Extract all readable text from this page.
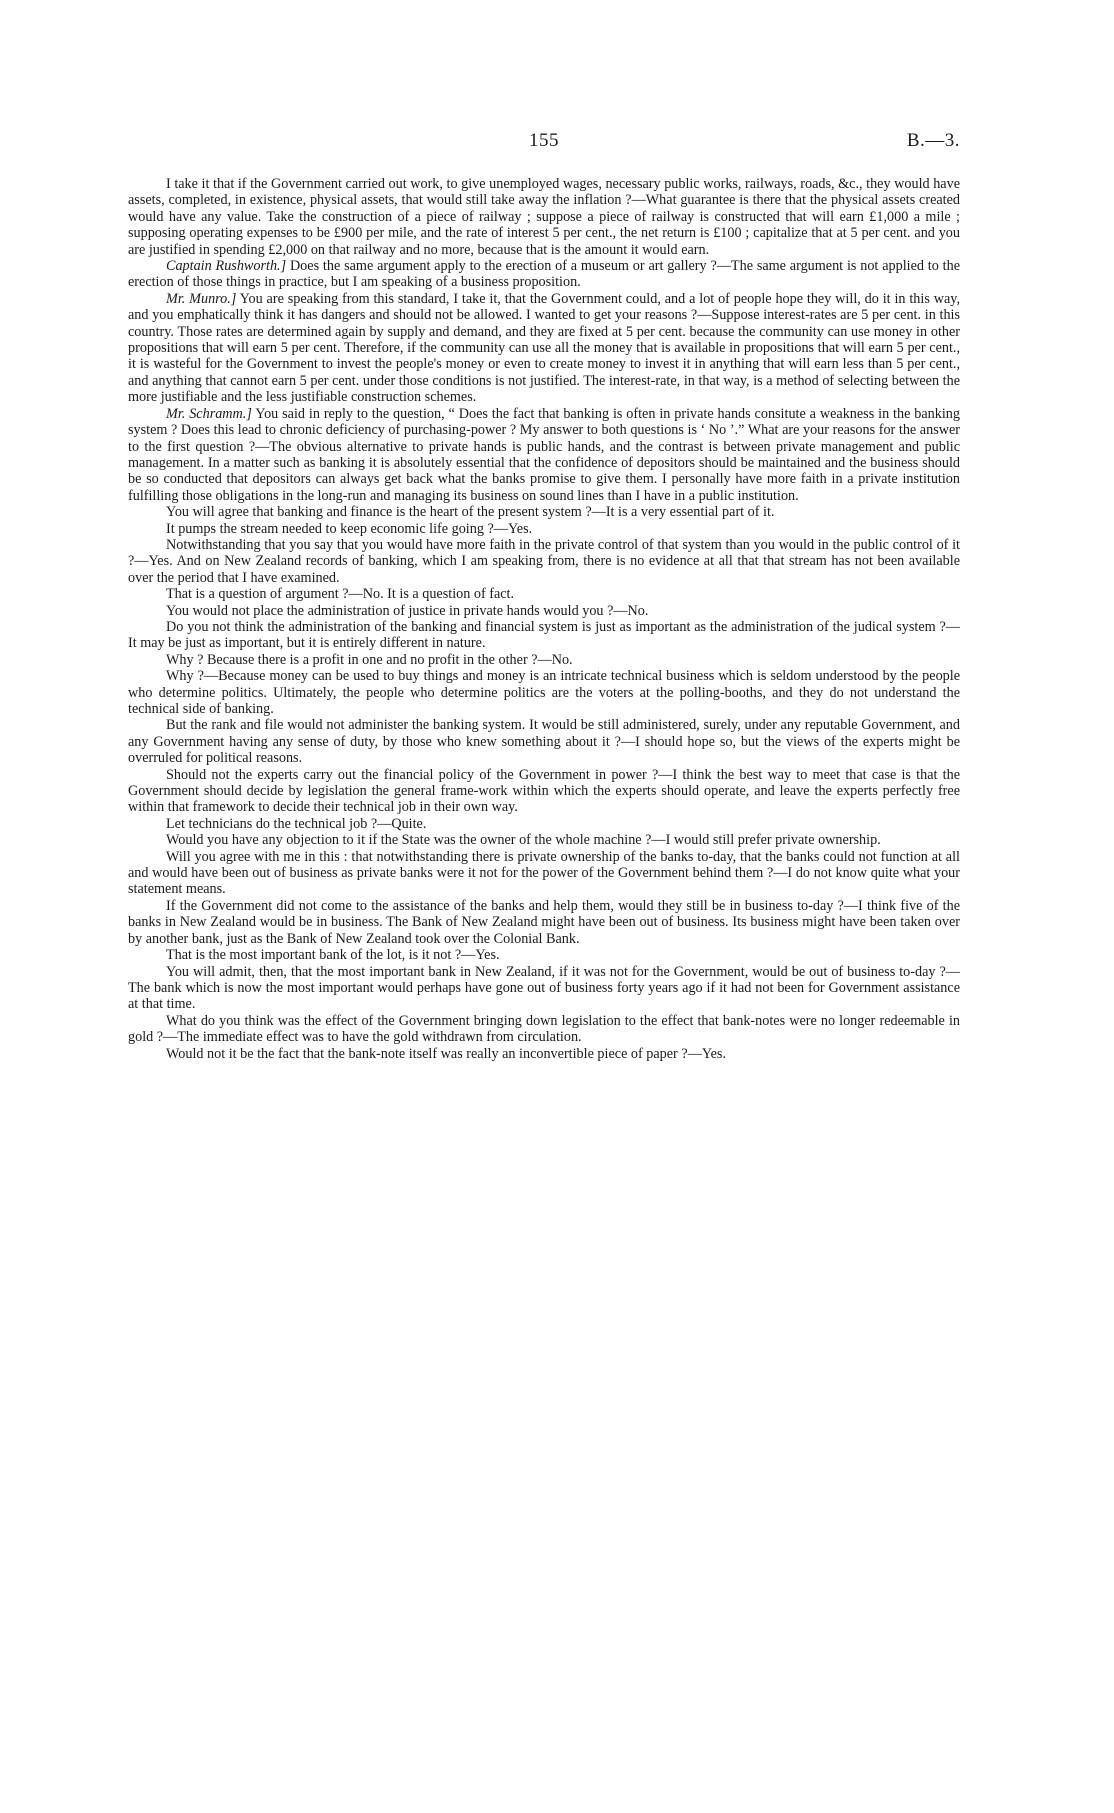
155	B.—3.

I take it that if the Government carried out work, to give unemployed wages, necessary public works, railways, roads, &c., they would have assets, completed, in existence, physical assets, that would still take away the inflation ?—What guarantee is there that the physical assets created would have any value. Take the construction of a piece of railway ; suppose a piece of railway is constructed that will earn £1,000 a mile ; supposing operating expenses to be £900 per mile, and the rate of interest 5 per cent., the net return is £100 ; capitalize that at 5 per cent. and you are justified in spending £2,000 on that railway and no more, because that is the amount it would earn.

Captain Rushworth.] Does the same argument apply to the erection of a museum or art gallery ?—The same argument is not applied to the erection of those things in practice, but I am speaking of a business proposition.

Mr. Munro.] You are speaking from this standard, I take it, that the Government could, and a lot of people hope they will, do it in this way, and you emphatically think it has dangers and should not be allowed. I wanted to get your reasons ?—Suppose interest-rates are 5 per cent. in this country. Those rates are determined again by supply and demand, and they are fixed at 5 per cent. because the community can use money in other propositions that will earn 5 per cent. Therefore, if the community can use all the money that is available in propositions that will earn 5 per cent., it is wasteful for the Government to invest the people's money or even to create money to invest it in anything that will earn less than 5 per cent., and anything that cannot earn 5 per cent. under those conditions is not justified. The interest-rate, in that way, is a method of selecting between the more justifiable and the less justifiable construction schemes.

Mr. Schramm.] You said in reply to the question, “ Does the fact that banking is often in private hands consitute a weakness in the banking system ? Does this lead to chronic deficiency of purchasing-power ? My answer to both questions is ‘ No ’.” What are your reasons for the answer to the first question ?—The obvious alternative to private hands is public hands, and the contrast is between private management and public management. In a matter such as banking it is absolutely essential that the confidence of depositors should be maintained and the business should be so conducted that depositors can always get back what the banks promise to give them. I personally have more faith in a private institution fulfilling those obligations in the long-run and managing its business on sound lines than I have in a public institution.

You will agree that banking and finance is the heart of the present system ?—It is a very essential part of it.

It pumps the stream needed to keep economic life going ?—Yes.

Notwithstanding that you say that you would have more faith in the private control of that system than you would in the public control of it ?—Yes. And on New Zealand records of banking, which I am speaking from, there is no evidence at all that that stream has not been available over the period that I have examined.

That is a question of argument ?—No. It is a question of fact.

You would not place the administration of justice in private hands would you ?—No.

Do you not think the administration of the banking and financial system is just as important as the administration of the judical system ?—It may be just as important, but it is entirely different in nature.

Why ? Because there is a profit in one and no profit in the other ?—No.

Why ?—Because money can be used to buy things and money is an intricate technical business which is seldom understood by the people who determine politics. Ultimately, the people who determine politics are the voters at the polling-booths, and they do not understand the technical side of banking.

But the rank and file would not administer the banking system. It would be still administered, surely, under any reputable Government, and any Government having any sense of duty, by those who knew something about it ?—I should hope so, but the views of the experts might be overruled for political reasons.

Should not the experts carry out the financial policy of the Government in power ?—I think the best way to meet that case is that the Government should decide by legislation the general frame-work within which the experts should operate, and leave the experts perfectly free within that framework to decide their technical job in their own way.

Let technicians do the technical job ?—Quite.

Would you have any objection to it if the State was the owner of the whole machine ?—I would still prefer private ownership.

Will you agree with me in this : that notwithstanding there is private ownership of the banks to-day, that the banks could not function at all and would have been out of business as private banks were it not for the power of the Government behind them ?—I do not know quite what your statement means.

If the Government did not come to the assistance of the banks and help them, would they still be in business to-day ?—I think five of the banks in New Zealand would be in business. The Bank of New Zealand might have been out of business. Its business might have been taken over by another bank, just as the Bank of New Zealand took over the Colonial Bank.

That is the most important bank of the lot, is it not ?—Yes.

You will admit, then, that the most important bank in New Zealand, if it was not for the Government, would be out of business to-day ?—The bank which is now the most important would perhaps have gone out of business forty years ago if it had not been for Government assistance at that time.

What do you think was the effect of the Government bringing down legislation to the effect that bank-notes were no longer redeemable in gold ?—The immediate effect was to have the gold withdrawn from circulation.

Would not it be the fact that the bank-note itself was really an inconvertible piece of paper ?—Yes.
